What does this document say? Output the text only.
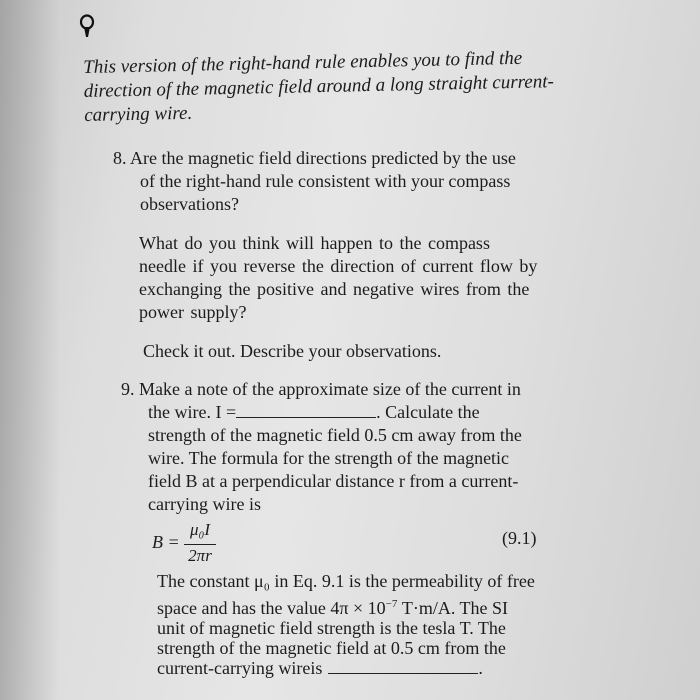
This version of the right-hand rule enables you to find the
direction of the magnetic field around a long straight current-
carrying wire.
8. Are the magnetic field directions predicted by the use
of the right-hand rule consistent with your compass
observations?
What do you think will happen to the compass
needle if you reverse the direction of current flow by
exchanging the positive and negative wires from the
power supply?
Check it out. Describe your observations.
9. Make a note of the approximate size of the current in
the wire. I =	. Calculate the
strength of the magnetic field 0.5 cm away from the
wire. The formula for the strength of the magnetic
field B at a perpendicular distance r from a current-
carrying wire is
B =
μ₀I
2πr
(9.1)
The constant μ₀ in Eq. 9.1 is the permeability of free
space and has the value $4\pi \times 10^{-7}$ T·m/A. The SI
unit of magnetic field strength is the tesla T. The
strength of the magnetic field at 0.5 cm from the
current-carrying wireis	.
